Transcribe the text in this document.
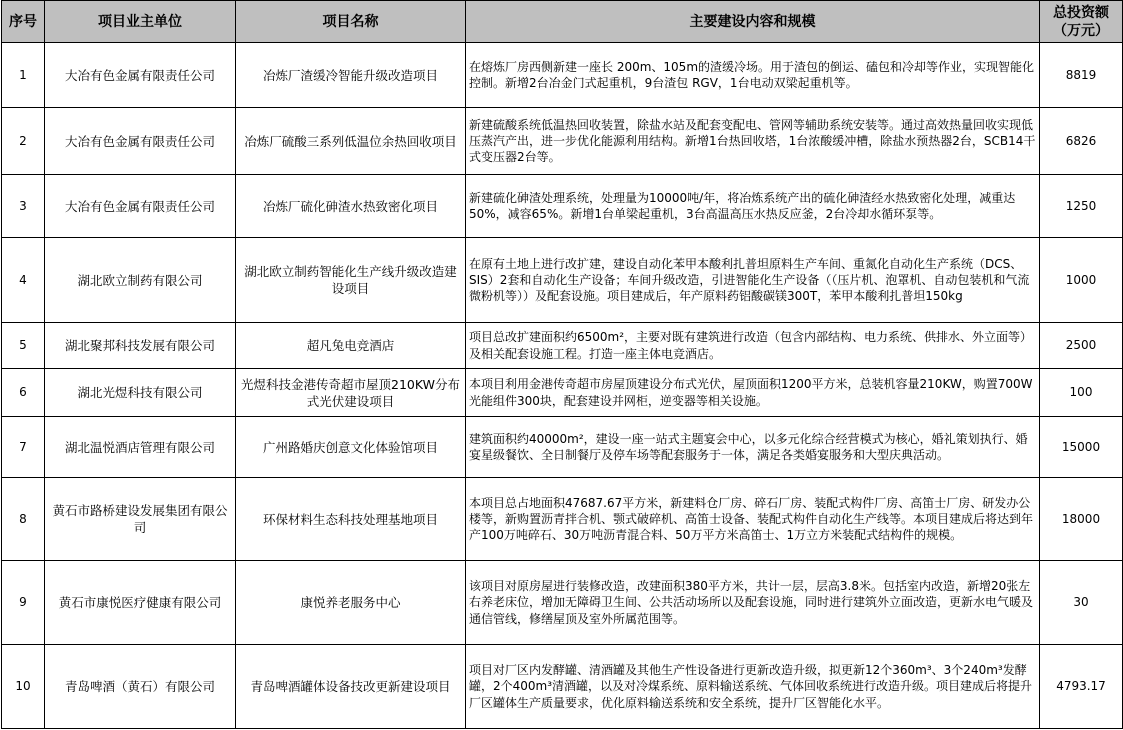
序号	项目业主单位	项目名称	主要建设内容和规模	总投资额（万元）
1	大冶有色金属有限责任公司	冶炼厂渣缓冷智能升级改造项目	在熔炼厂房西侧新建一座长 200m、105m的渣缓冷场。用于渣包的倒运、磕包和冷却等作业，实现智能化控制。新增2台冶金门式起重机，9台渣包 RGV，1台电动双梁起重机等。	8819
2	大冶有色金属有限责任公司	冶炼厂硫酸三系列低温位余热回收项目	新建硫酸系统低温热回收装置，除盐水站及配套变配电、管网等辅助系统安装等。通过高效热量回收实现低压蒸汽产出，进一步优化能源利用结构。新增1台热回收塔，1台浓酸缓冲槽，除盐水预热器2台，SCB14干式变压器2台等。	6826
3	大冶有色金属有限责任公司	冶炼厂硫化砷渣水热致密化项目	新建硫化砷渣处理系统，处理量为10000吨/年，将冶炼系统产出的硫化砷渣经水热致密化处理，减重达50%，减容65%。新增1台单梁起重机，3台高温高压水热反应釜，2台冷却水循环泵等。	1250
4	湖北欧立制药有限公司	湖北欧立制药智能化生产线升级改造建设项目	在原有土地上进行改扩建，建设自动化苯甲本酸利扎普坦原料生产车间、重氮化自动化生产系统（DCS、SIS）2套和自动化生产设备；车间升级改造，引进智能化生产设备（（压片机、泡罩机、自动包装机和气流微粉机等））及配套设施。项目建成后，年产原料药铝酸碳镁300T，苯甲本酸利扎普坦150kg	1000
5	湖北聚邦科技发展有限公司	超凡兔电竞酒店	项目总改扩建面积约6500m²，主要对既有建筑进行改造（包含内部结构、电力系统、供排水、外立面等）及相关配套设施工程。打造一座主体电竞酒店。	2500
6	湖北光煜科技有限公司	光煜科技金港传奇超市屋顶210KW分布式光伏建设项目	本项目利用金港传奇超市房屋顶建设分布式光伏，屋顶面积1200平方米，总装机容量210KW，购置700W光能组件300块，配套建设并网柜，逆变器等相关设施。	100
7	湖北温悦酒店管理有限公司	广州路婚庆创意文化体验馆项目	建筑面积约40000m²，建设一座一站式主题宴会中心，以多元化综合经营模式为核心，婚礼策划执行、婚宴星级餐饮、全日制餐厅及停车场等配套服务于一体，满足各类婚宴服务和大型庆典活动。	15000
8	黄石市路桥建设发展集团有限公司	环保材料生态科技处理基地项目	本项目总占地面积47687.67平方米，新建料仓厂房、碎石厂房、装配式构件厂房、高笛士厂房、研发办公楼等，新购置沥青拌合机、颚式破碎机、高笛士设备、装配式构件自动化生产线等。本项目建成后将达到年产100万吨碎石、30万吨沥青混合料、50万平方米高笛士、1万立方米装配式结构件的规模。	18000
9	黄石市康悦医疗健康有限公司	康悦养老服务中心	该项目对原房屋进行装修改造，改建面积380平方米，共计一层，层高3.8米。包括室内改造，新增20张左右养老床位，增加无障碍卫生间、公共活动场所以及配套设施，同时进行建筑外立面改造，更新水电气暖及通信管线，修缮屋顶及室外所属范围等。	30
10	青岛啤酒（黄石）有限公司	青岛啤酒罐体设备技改更新建设项目	项目对厂区内发酵罐、清酒罐及其他生产性设备进行更新改造升级，拟更新12个360m³、3个240m³发酵罐，2个400m³清酒罐，以及对冷煤系统、原料输送系统、气体回收系统进行改造升级。项目建成后将提升厂区罐体生产质量要求，优化原料输送系统和安全系统，提升厂区智能化水平。	4793.17
